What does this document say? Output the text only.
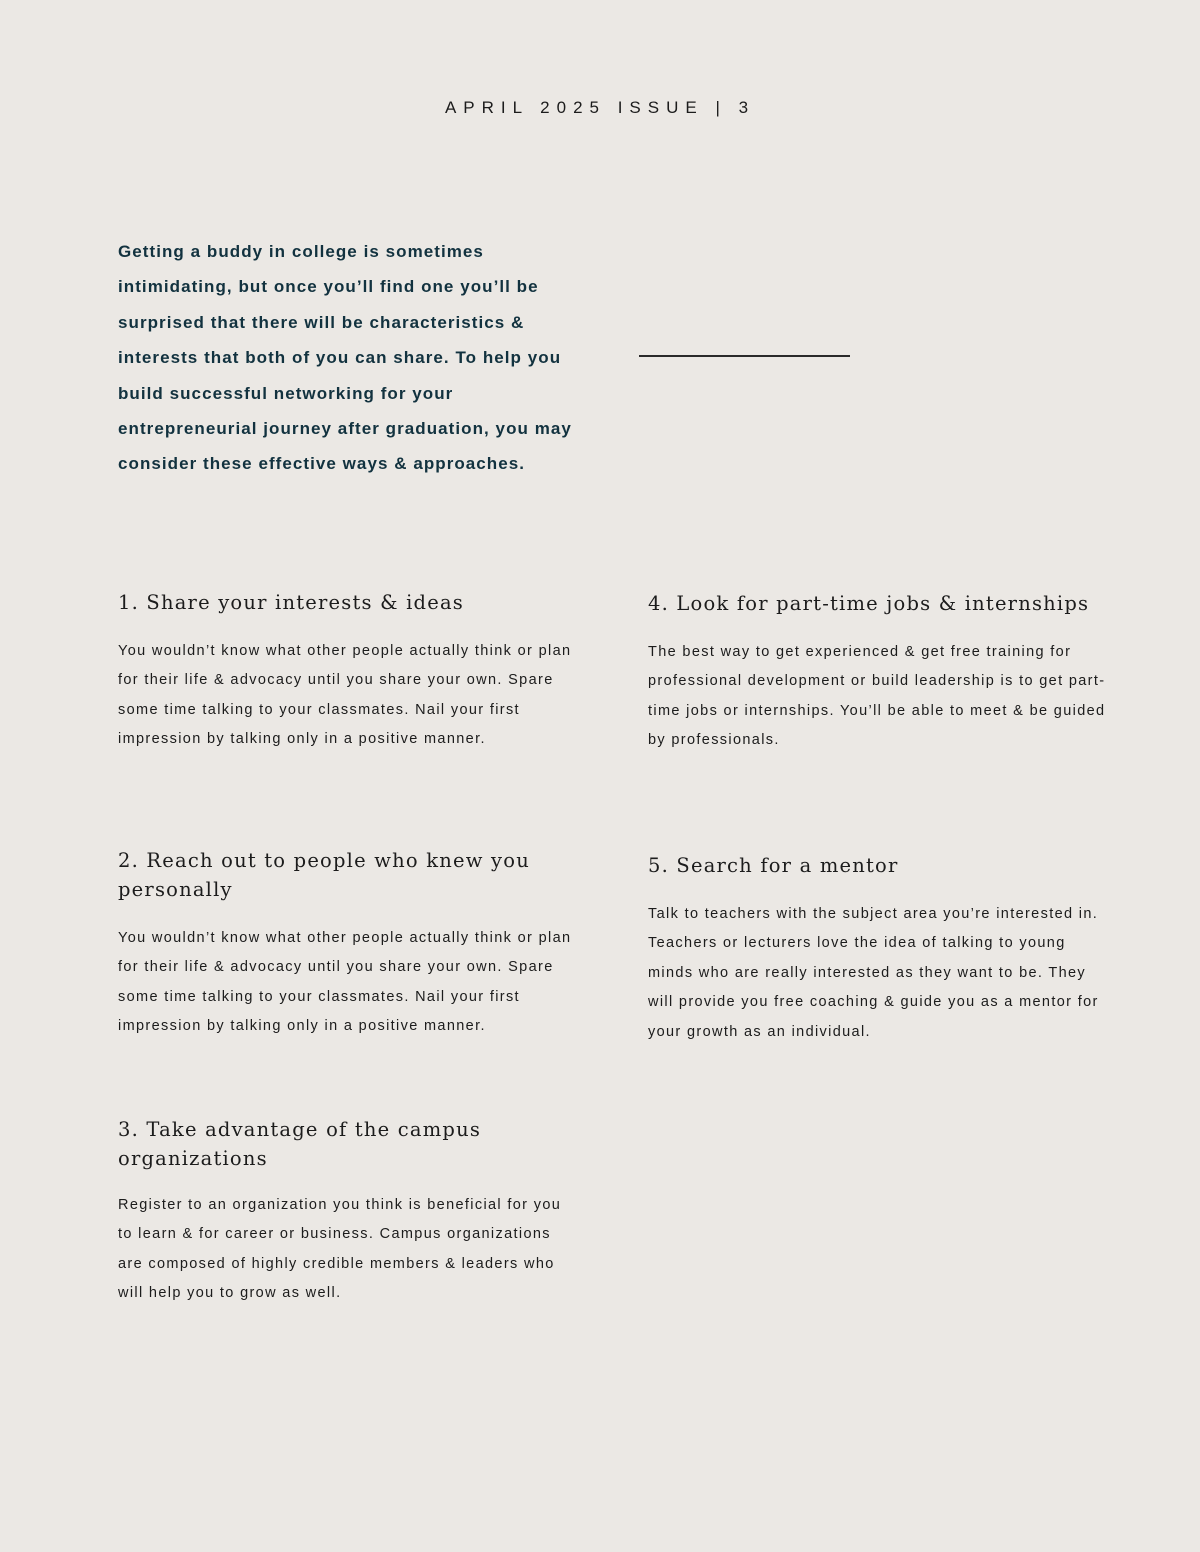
APRIL 2025 ISSUE | 3

Getting a buddy in college is sometimes intimidating, but once you’ll find one you’ll be surprised that there will be characteristics & interests that both of you can share. To help you build successful networking for your entrepreneurial journey after graduation, you may consider these effective ways & approaches.

1. Share your interests & ideas

You wouldn’t know what other people actually think or plan for their life & advocacy until you share your own. Spare some time talking to your classmates. Nail your first impression by talking only in a positive manner.

2. Reach out to people who knew you personally

You wouldn’t know what other people actually think or plan for their life & advocacy until you share your own. Spare some time talking to your classmates. Nail your first impression by talking only in a positive manner.

3. Take advantage of the campus organizations

Register to an organization you think is beneficial for you to learn & for career or business. Campus organizations are composed of highly credible members & leaders who will help you to grow as well.

4. Look for part-time jobs & internships

The best way to get experienced & get free training for professional development or build leadership is to get part-time jobs or internships. You’ll be able to meet & be guided by professionals.

5. Search for a mentor

Talk to teachers with the subject area you’re interested in. Teachers or lecturers love the idea of talking to young minds who are really interested as they want to be. They will provide you free coaching & guide you as a mentor for your growth as an individual.
